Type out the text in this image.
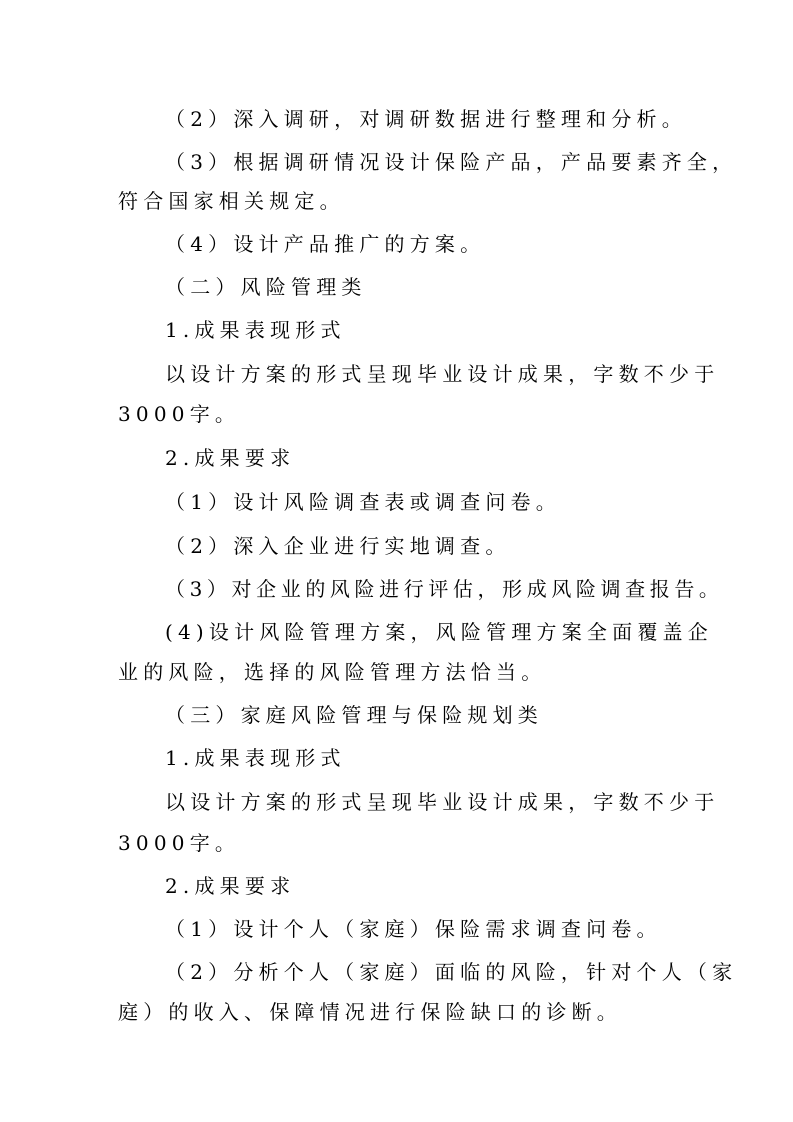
（2）深入调研，对调研数据进行整理和分析。
（3）根据调研情况设计保险产品，产品要素齐全，
符合国家相关规定。
（4）设计产品推广的方案。
（二）风险管理类
1.成果表现形式
以设计方案的形式呈现毕业设计成果，字数不少于
3000字。
2.成果要求
（1）设计风险调查表或调查问卷。
（2）深入企业进行实地调查。
（3）对企业的风险进行评估，形成风险调查报告。
(4)设计风险管理方案，风险管理方案全面覆盖企
业的风险，选择的风险管理方法恰当。
（三）家庭风险管理与保险规划类
1.成果表现形式
以设计方案的形式呈现毕业设计成果，字数不少于
3000字。
2.成果要求
（1）设计个人（家庭）保险需求调查问卷。
（2）分析个人（家庭）面临的风险，针对个人（家
庭）的收入、保障情况进行保险缺口的诊断。
